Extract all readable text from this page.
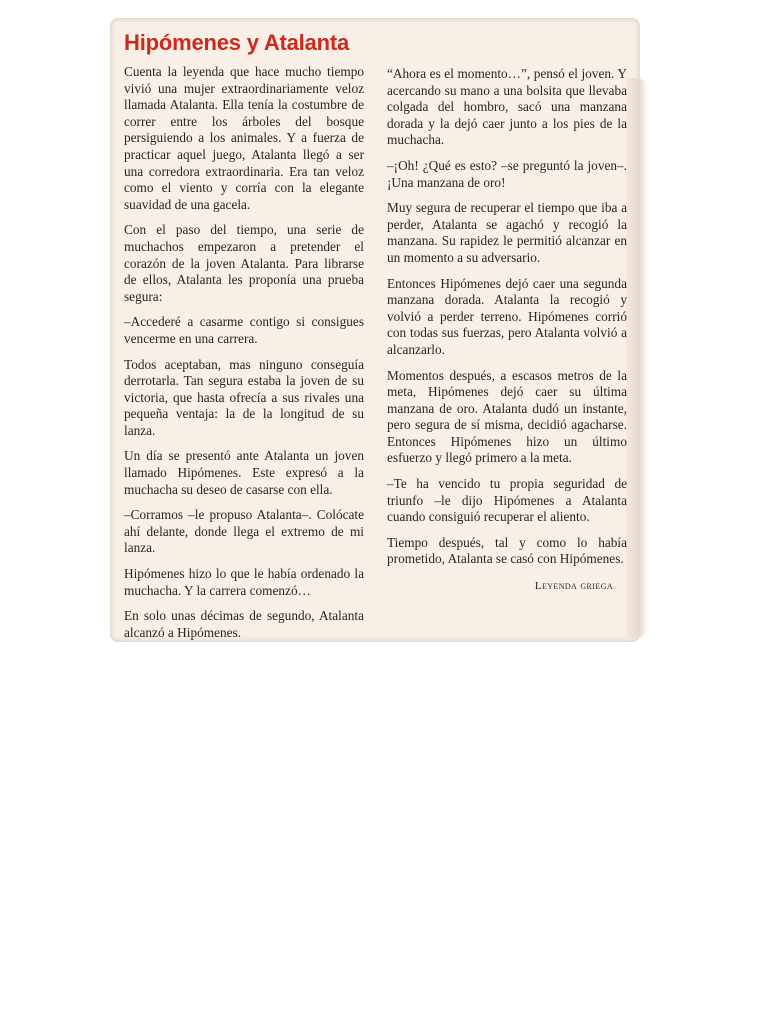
Hipómenes y Atalanta

Cuenta la leyenda que hace mucho tiempo vivió una mujer extraordinariamente veloz llamada Atalanta. Ella tenía la costumbre de correr entre los árboles del bosque persiguiendo a los animales. Y a fuerza de practicar aquel juego, Atalanta llegó a ser una corredora extraordinaria. Era tan veloz como el viento y corría con la elegante suavidad de una gacela.

Con el paso del tiempo, una serie de muchachos empezaron a pretender el corazón de la joven Atalanta. Para librarse de ellos, Atalanta les proponía una prueba segura:

–Accederé a casarme contigo si consigues vencerme en una carrera.

Todos aceptaban, mas ninguno conseguía derrotarla. Tan segura estaba la joven de su victoria, que hasta ofrecía a sus rivales una pequeña ventaja: la de la longitud de su lanza.

Un día se presentó ante Atalanta un joven llamado Hipómenes. Este expresó a la muchacha su deseo de casarse con ella.

–Corramos –le propuso Atalanta–. Colócate ahí delante, donde llega el extremo de mi lanza.

Hipómenes hizo lo que le había ordenado la muchacha. Y la carrera comenzó…

En solo unas décimas de segundo, Atalanta alcanzó a Hipómenes.

“Ahora es el momento…”, pensó el joven. Y acercando su mano a una bolsita que llevaba colgada del hombro, sacó una manzana dorada y la dejó caer junto a los pies de la muchacha.

–¡Oh! ¿Qué es esto? –se preguntó la joven–. ¡Una manzana de oro!

Muy segura de recuperar el tiempo que iba a perder, Atalanta se agachó y recogió la manzana. Su rapidez le permitió alcanzar en un momento a su adversario.

Entonces Hipómenes dejó caer una segunda manzana dorada. Atalanta la recogió y volvió a perder terreno. Hipómenes corrió con todas sus fuerzas, pero Atalanta volvió a alcanzarlo.

Momentos después, a escasos metros de la meta, Hipómenes dejó caer su última manzana de oro. Atalanta dudó un instante, pero segura de sí misma, decidió agacharse. Entonces Hipómenes hizo un último esfuerzo y llegó primero a la meta.

–Te ha vencido tu propia seguridad de triunfo –le dijo Hipómenes a Atalanta cuando consiguió recuperar el aliento.

Tiempo después, tal y como lo había prometido, Atalanta se casó con Hipómenes.

Leyenda griega
